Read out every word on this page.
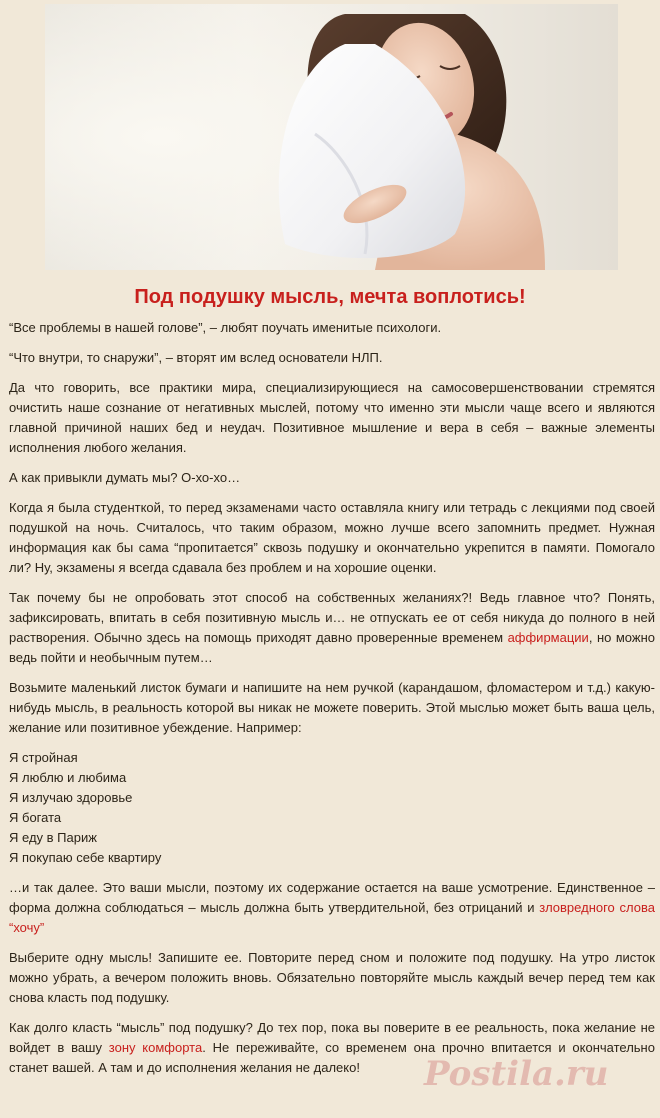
Под подушку мысль, мечта воплотись!

“Все проблемы в нашей голове”, – любят поучать именитые психологи.

“Что внутри, то снаружи”, – вторят им вслед основатели НЛП.

Да что говорить, все практики мира, специализирующиеся на самосовершенствовании стремятся очистить наше сознание от негативных мыслей, потому что именно эти мысли чаще всего и являются главной причиной наших бед и неудач. Позитивное мышление и вера в себя – важные элементы исполнения любого желания.

А как привыкли думать мы? О-хо-хо…

Когда я была студенткой, то перед экзаменами часто оставляла книгу или тетрадь с лекциями под своей подушкой на ночь. Считалось, что таким образом, можно лучше всего запомнить предмет. Нужная информация как бы сама “пропитается” сквозь подушку и окончательно укрепится в памяти. Помогало ли? Ну, экзамены я всегда сдавала без проблем и на хорошие оценки.

Так почему бы не опробовать этот способ на собственных желаниях?! Ведь главное что? Понять, зафиксировать, впитать в себя позитивную мысль и… не отпускать ее от себя никуда до полного в ней растворения. Обычно здесь на помощь приходят давно проверенные временем аффирмации, но можно ведь пойти и необычным путем…

Возьмите маленький листок бумаги и напишите на нем ручкой (карандашом, фломастером и т.д.) какую-нибудь мысль, в реальность которой вы никак не можете поверить. Этой мыслью может быть ваша цель, желание или позитивное убеждение. Например:

Я стройная
Я люблю и любима
Я излучаю здоровье
Я богата
Я еду в Париж
Я покупаю себе квартиру

…и так далее. Это ваши мысли, поэтому их содержание остается на ваше усмотрение. Единственное – форма должна соблюдаться – мысль должна быть утвердительной, без отрицаний и зловредного слова “хочу”

Выберите одну мысль! Запишите ее. Повторите перед сном и положите под подушку. На утро листок можно убрать, а вечером положить вновь. Обязательно повторяйте мысль каждый вечер перед тем как снова класть под подушку.

Как долго класть “мысль” под подушку? До тех пор, пока вы поверите в ее реальность, пока желание не войдет в вашу зону комфорта. Не переживайте, со временем она прочно впитается и окончательно станет вашей. А там и до исполнения желания не далеко!	Postila.ru
